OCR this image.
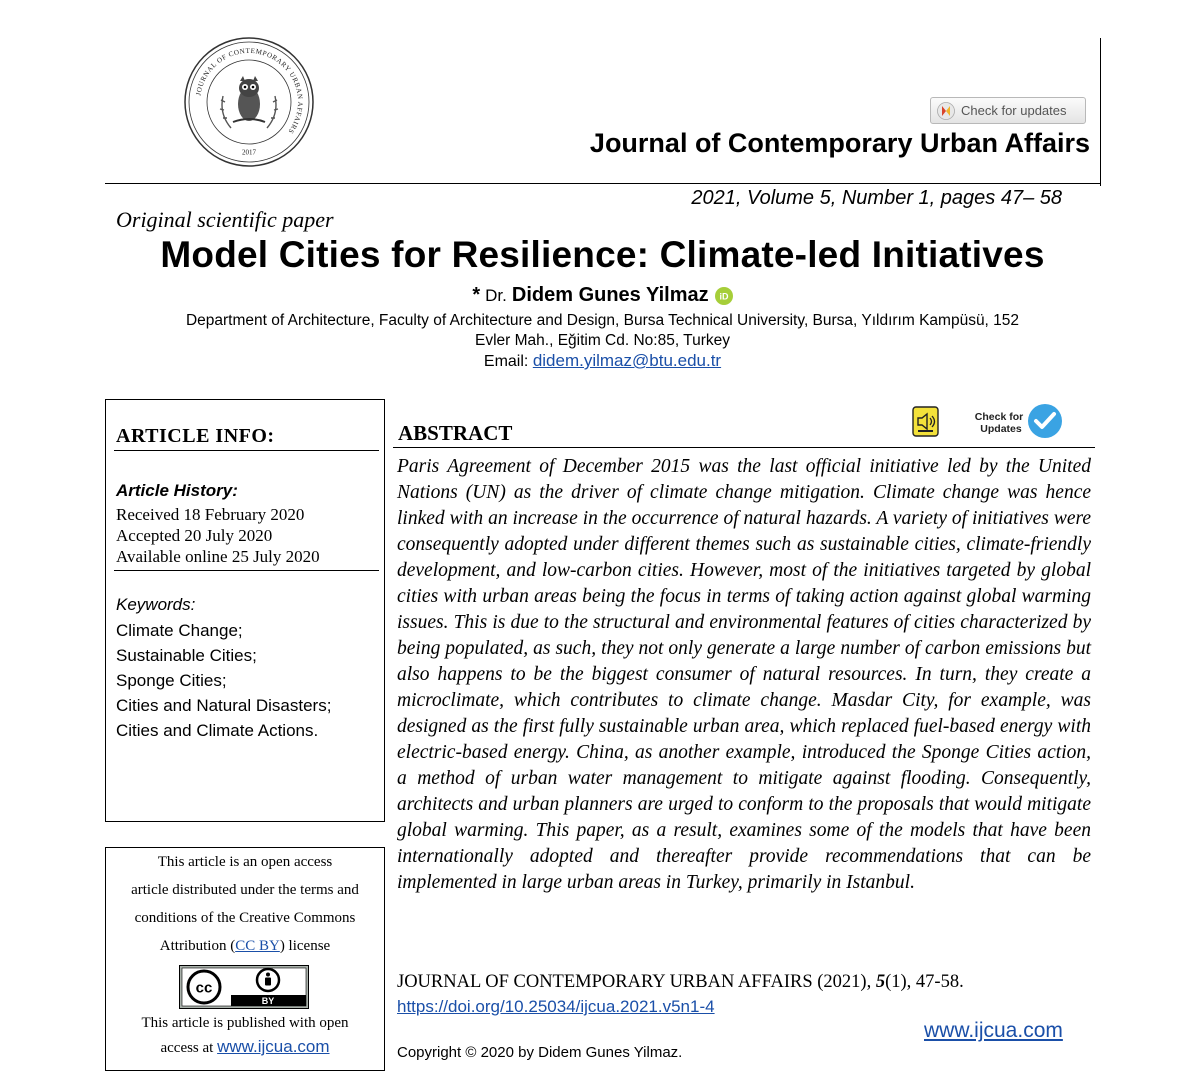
JOURNAL OF CONTEMPORARY URBAN AFFAIRS
2017
Check for updates
Journal of Contemporary Urban Affairs
2021, Volume 5, Number 1, pages 47– 58
Original scientific paper
Model Cities for Resilience: Climate-led Initiatives
* Dr. Didem Gunes Yilmaz iD
Department of Architecture, Faculty of Architecture and Design, Bursa Technical University, Bursa, Yıldırım Kampüsü, 152
Evler Mah., Eğitim Cd. No:85, Turkey
Email: didem.yilmaz@btu.edu.tr
ARTICLE INFO:
Article History:
Received 18 February 2020
Accepted 20 July 2020
Available online 25 July 2020
Keywords:
Climate Change;
Sustainable Cities;
Sponge Cities;
Cities and Natural Disasters;
Cities and Climate Actions.
This article is an open access
article distributed under the terms and
conditions of the Creative Commons
Attribution (CC BY) license
cc
BY
This article is published with open
access at www.ijcua.com
ABSTRACT
Check for
Updates
Paris Agreement of December 2015 was the last official initiative led by the United Nations (UN) as the driver of climate change mitigation. Climate change was hence linked with an increase in the occurrence of natural hazards. A variety of initiatives were consequently adopted under different themes such as sustainable cities, climate-friendly development, and low-carbon cities. However, most of the initiatives targeted by global cities with urban areas being the focus in terms of taking action against global warming issues. This is due to the structural and environmental features of cities characterized by being populated, as such, they not only generate a large number of carbon emissions but also happens to be the biggest consumer of natural resources. In turn, they create a microclimate, which contributes to climate change. Masdar City, for example, was designed as the first fully sustainable urban area, which replaced fuel-based energy with electric-based energy. China, as another example, introduced the Sponge Cities action, a method of urban water management to mitigate against flooding. Consequently, architects and urban planners are urged to conform to the proposals that would mitigate global warming. This paper, as a result, examines some of the models that have been internationally adopted and thereafter provide recommendations that can be implemented in large urban areas in Turkey, primarily in Istanbul.
JOURNAL OF CONTEMPORARY URBAN AFFAIRS (2021), 5(1), 47-58.
https://doi.org/10.25034/ijcua.2021.v5n1-4
www.ijcua.com
Copyright © 2020 by Didem Gunes Yilmaz.
